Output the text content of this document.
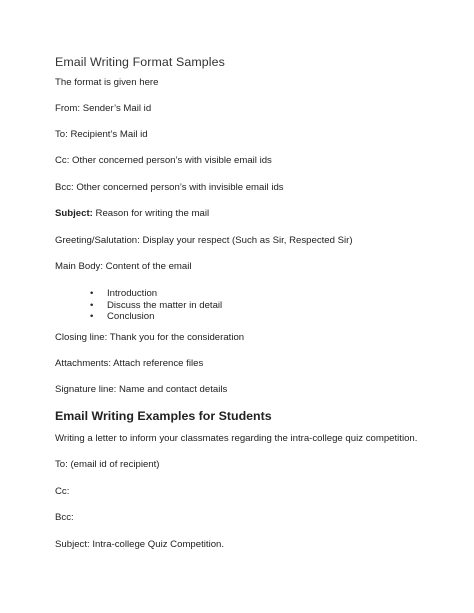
Email Writing Format Samples
The format is given here
From: Sender’s Mail id
To: Recipient’s Mail id
Cc: Other concerned person’s with visible email ids
Bcc: Other concerned person’s with invisible email ids
Subject: Reason for writing the mail
Greeting/Salutation: Display your respect (Such as Sir, Respected Sir)
Main Body: Content of the email
• Introduction
• Discuss the matter in detail
• Conclusion
Closing line: Thank you for the consideration
Attachments: Attach reference files
Signature line: Name and contact details
Email Writing Examples for Students
Writing a letter to inform your classmates regarding the intra-college quiz competition.
To: (email id of recipient)
Cc:
Bcc:
Subject: Intra-college Quiz Competition.
